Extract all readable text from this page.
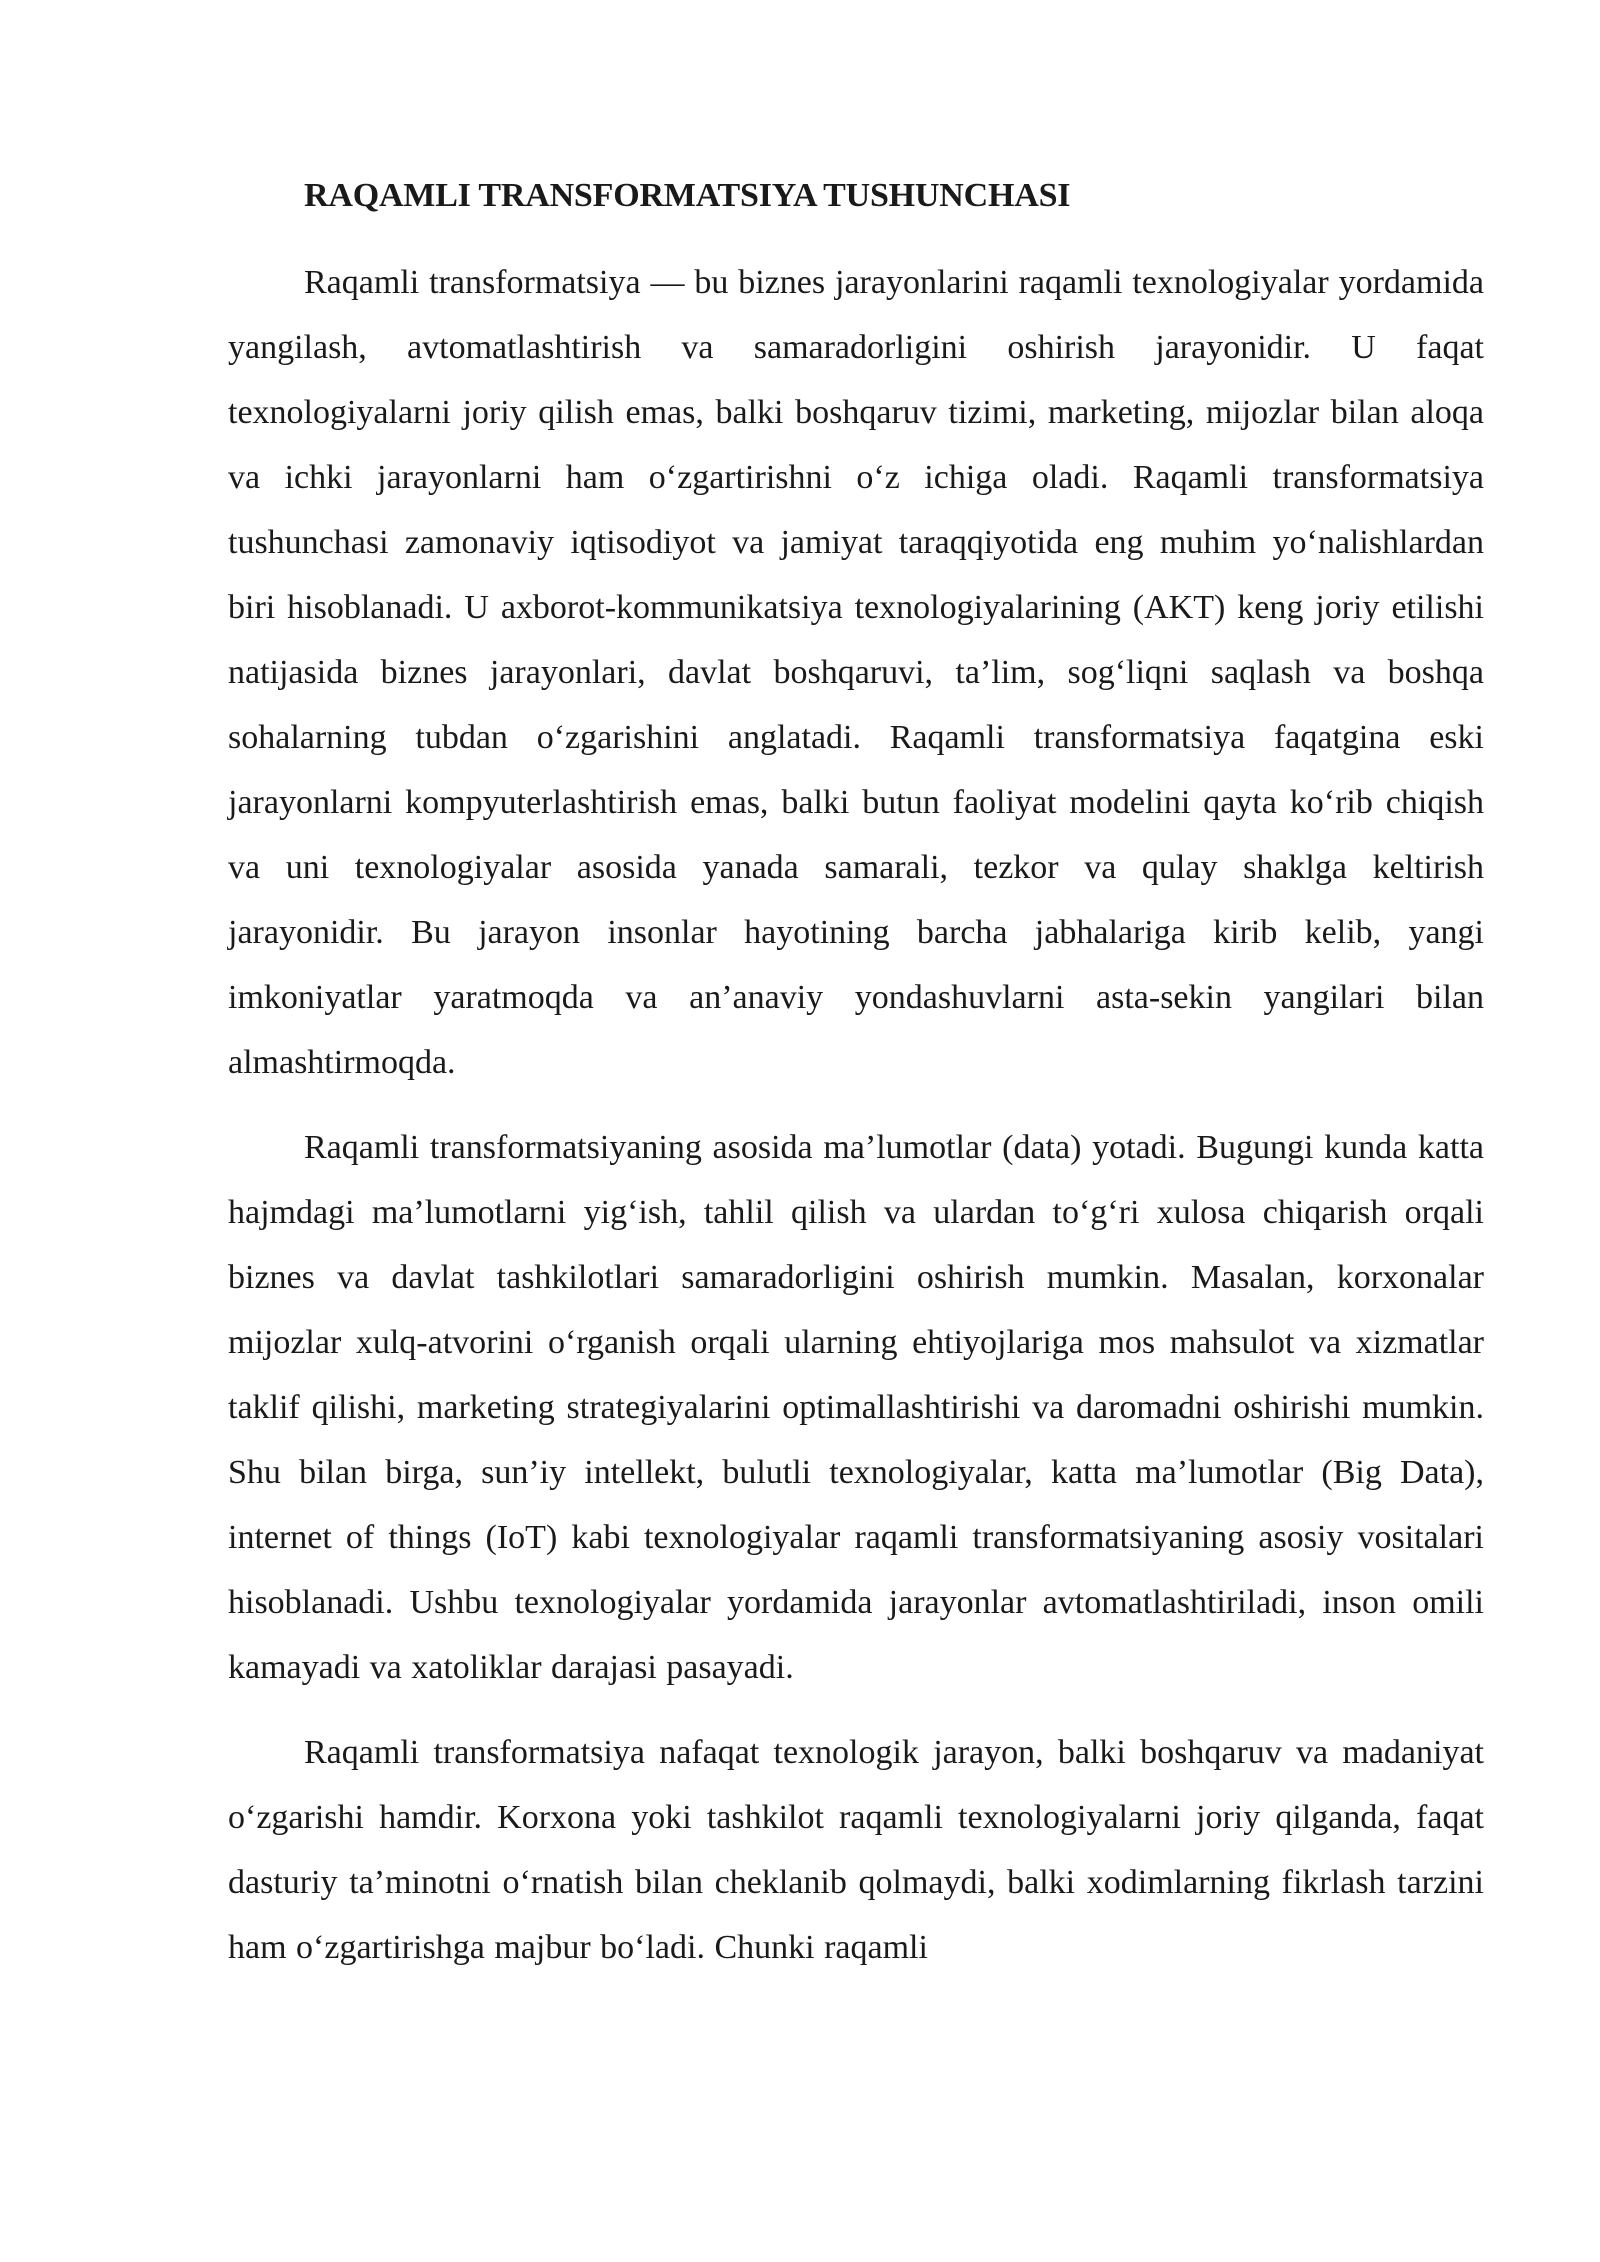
RAQAMLI TRANSFORMATSIYA TUSHUNCHASI

Raqamli transformatsiya — bu biznes jarayonlarini raqamli texnologiyalar yordamida yangilash, avtomatlashtirish va samaradorligini oshirish jarayonidir. U faqat texnologiyalarni joriy qilish emas, balki boshqaruv tizimi, marketing, mijozlar bilan aloqa va ichki jarayonlarni ham oʻzgartirishni oʻz ichiga oladi. Raqamli transformatsiya tushunchasi zamonaviy iqtisodiyot va jamiyat taraqqiyotida eng muhim yoʻnalishlardan biri hisoblanadi. U axborot-kommunikatsiya texnologiyalarining (AKT) keng joriy etilishi natijasida biznes jarayonlari, davlat boshqaruvi, ta’lim, sogʻliqni saqlash va boshqa sohalarning tubdan oʻzgarishini anglatadi. Raqamli transformatsiya faqatgina eski jarayonlarni kompyuterlashtirish emas, balki butun faoliyat modelini qayta koʻrib chiqish va uni texnologiyalar asosida yanada samarali, tezkor va qulay shaklga keltirish jarayonidir. Bu jarayon insonlar hayotining barcha jabhalariga kirib kelib, yangi imkoniyatlar yaratmoqda va an’anaviy yondashuvlarni asta-sekin yangilari bilan almashtirmoqda.

Raqamli transformatsiyaning asosida ma’lumotlar (data) yotadi. Bugungi kunda katta hajmdagi ma’lumotlarni yigʻish, tahlil qilish va ulardan toʻgʻri xulosa chiqarish orqali biznes va davlat tashkilotlari samaradorligini oshirish mumkin. Masalan, korxonalar mijozlar xulq-atvorini oʻrganish orqali ularning ehtiyojlariga mos mahsulot va xizmatlar taklif qilishi, marketing strategiyalarini optimallashtirishi va daromadni oshirishi mumkin. Shu bilan birga, sun’iy intellekt, bulutli texnologiyalar, katta ma’lumotlar (Big Data), internet of things (IoT) kabi texnologiyalar raqamli transformatsiyaning asosiy vositalari hisoblanadi. Ushbu texnologiyalar yordamida jarayonlar avtomatlashtiriladi, inson omili kamayadi va xatoliklar darajasi pasayadi.

Raqamli transformatsiya nafaqat texnologik jarayon, balki boshqaruv va madaniyat oʻzgarishi hamdir. Korxona yoki tashkilot raqamli texnologiyalarni joriy qilganda, faqat dasturiy ta’minotni oʻrnatish bilan cheklanib qolmaydi, balki xodimlarning fikrlash tarzini ham oʻzgartirishga majbur boʻladi. Chunki raqamli
